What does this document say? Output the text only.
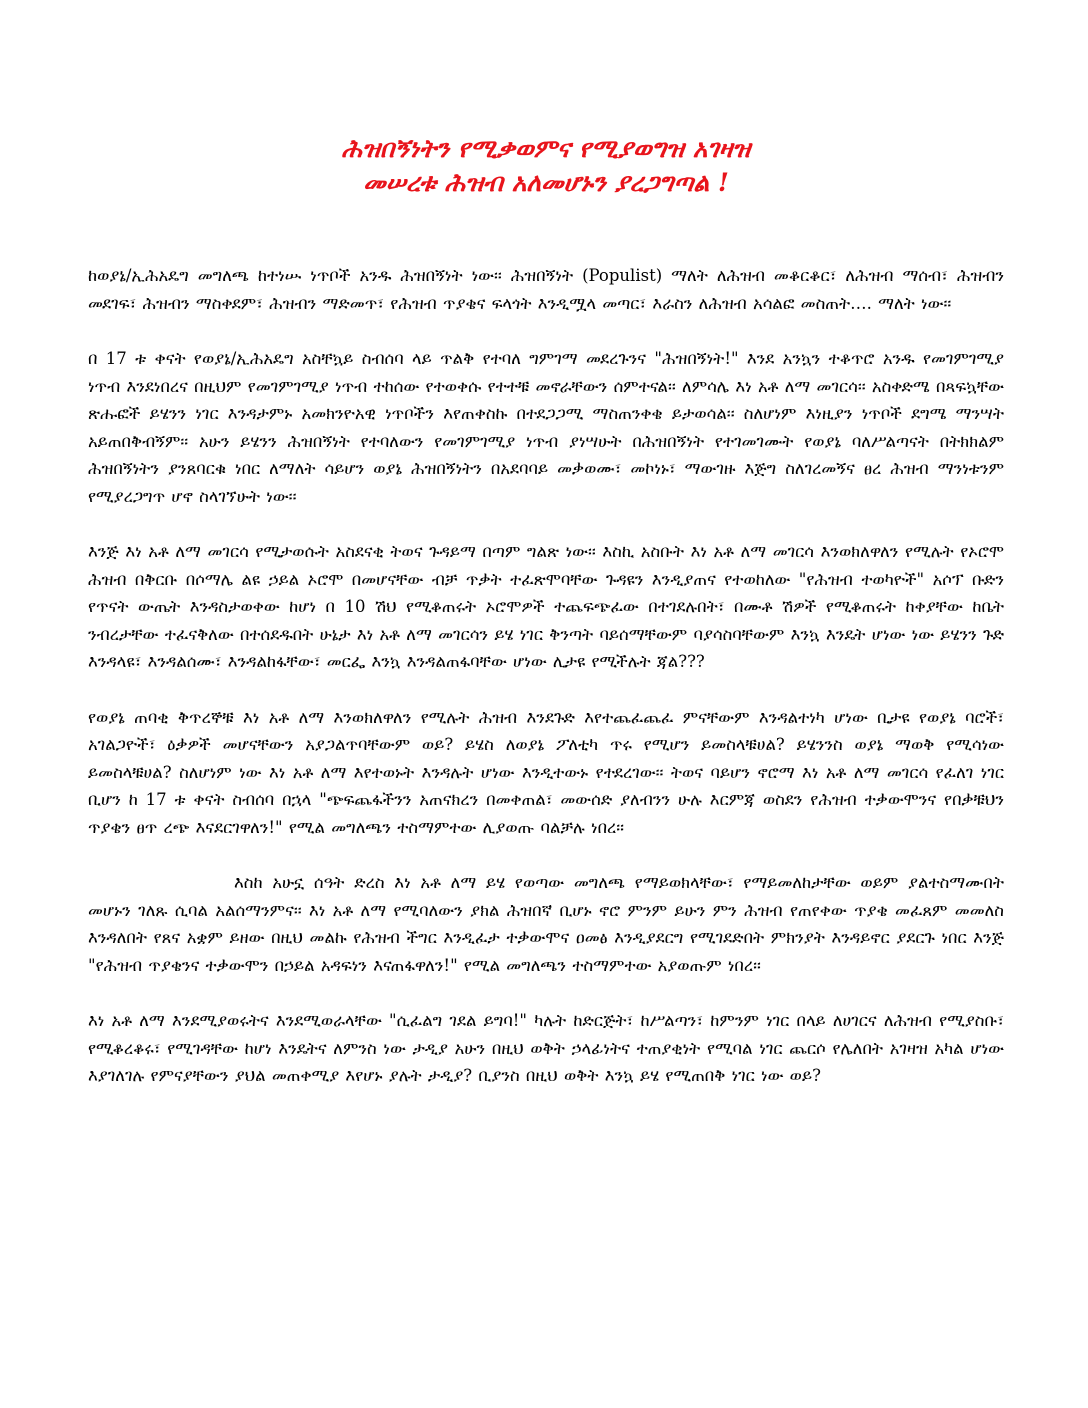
ሕዝበኝነትን የሚቃወምና የሚያወግዝ አገዛዝ
መሠረቱ ሕዝብ አለመሆኑን ያረጋግጣል !

ከወያኔ/ኢሕአዴግ መግለጫ ከተነሡ ነጥቦች አንዱ ሕዝበኝነት ነው፡፡ ሕዝበኝነት (Populist) ማለት ለሕዝብ መቆርቆር፣ ለሕዝብ ማሰብ፣ ሕዝብን መደገፍ፣ ሕዝብን ማስቀደም፣ ሕዝብን ማድመጥ፣ የሕዝብ ጥያቄና ፍላጎት እንዲሟላ መጣር፣ እራስን ለሕዝብ አሳልፎ መስጠት…. ማለት ነው፡፡

በ 17 ቱ ቀናት የወያኔ/ኢሕአዴግ አስቸኳይ ስብሰባ ላይ ጥልቅ የተባለ ግምገማ መደረጉንና "ሕዝበኝነት!" እንደ አንኳን ተቆጥሮ አንዱ የመገምገሚያ ነጥብ እንደነበረና በዚህም የመገምገሚያ ነጥብ ተከሰው የተወቀሱ የተተቹ መኖራቸውን ሰምተናል፡፡ ለምሳሌ እነ አቶ ለማ መገርሳ፡፡ አስቀድሜ በጻፍኳቸው ጽሑፎች ይሄንን ነገር እንዳታምኑ አመክንዮአዊ ነጥቦችን እየጠቀስኩ በተደጋጋሚ ማስጠንቀቄ ይታወሳል፡፡ ስለሆነም እነዚያን ነጥቦች ደግሜ ማንሣት አይጠበቅብኝም፡፡ አሁን ይሄንን ሕዝበኝነት የተባለውን የመገምገሚያ ነጥብ ያነሣሁት በሕዝበኝነት የተገመገሙት የወያኔ ባለሥልጣናት በትክክልም ሕዝበኝነትን ያንጸባርቁ ነበር ለማለት ሳይሆን ወያኔ ሕዝበኝነትን በአደባባይ መቃወሙ፣ መኮነኑ፣ ማውገዙ እጅግ ስለገረመኝና ፀረ ሕዝብ ማንነቱንም የሚያረጋግጥ ሆኖ ስላገኘሁት ነው፡፡

እንጅ እነ አቶ ለማ መገርሳ የሚታወሱት አስደናቂ ትወና ጉዳይማ በጣም ግልጽ ነው፡፡ እስኪ አስቡት እነ አቶ ለማ መገርሳ እንወክለዋለን የሚሉት የኦሮሞ ሕዝብ በቅርቡ በሶማሌ ልዩ ኃይል ኦሮሞ በመሆናቸው ብቻ ጥቃት ተፈጽሞባቸው ጉዳዩን እንዲያጠና የተወከለው "የሕዝብ ተወካዮች" አሶፕ ቡድን የጥናት ውጤት እንዳስታወቀው ከሆነ በ 10 ሽህ የሚቆጠሩት ኦሮሞዎች ተጨፍጭፈው በተገደሉበት፣ በሙቶ ሽዎች የሚቆጠሩት ከቀያቸው ከቤት ንብረታቸው ተፈናቅለው በተሰደዱበት ሁኔታ እነ አቶ ለማ መገርሳን ይሄ ነገር ቅንጣት ባይሰማቸውም ባያሳስባቸውም እንኳ እንዴት ሆነው ነው ይሄንን ጉድ እንዳላዩ፣ እንዳልሰሙ፣ እንዳልከፋቸው፣ መርፌ እንኳ እንዳልጠፋባቸው ሆነው ሊታዩ የሚችሉት ጃል???

የወያኔ ጠባቂ ቅጥረኞቹ እነ አቶ ለማ እንወክለዋለን የሚሉት ሕዝብ እንደጉድ እየተጨፈጨፈ ምናቸውም እንዳልተነካ ሆነው ቢታዩ የወያኔ ባሮች፣ አገልጋዮች፣ ዕቃዎች መሆናቸውን አያጋልጥባቸውም ወይ? ይሄስ ለወያኔ ፖለቲካ ጥሩ የሚሆን ይመስላቹሀል? ይሄንንስ ወያኔ ማወቅ የሚሳነው ይመስላቹሀል? ስለሆነም ነው እነ አቶ ለማ እየተወኑት እንዳሉት ሆነው እንዲተውኑ የተደረገው፡፡ ትወና ባይሆን ኖሮማ እነ አቶ ለማ መገርሳ የፈለገ ነገር ቢሆን ከ 17 ቱ ቀናት ስብሰባ በኋላ "ጭፍጨፋችንን አጠናክረን በመቀጠል፣ መውሰድ ያለብንን ሁሉ እርምጃ ወስደን የሕዝብ ተቃውሞንና የበቃቹህን ጥያቄን ፀጥ ረጭ እናደርገዋለን!" የሚል መግለጫን ተስማምተው ሊያወጡ ባልቻሉ ነበረ፡፡

እስከ አሁኗ ሰዓት ድረስ እነ አቶ ለማ ይሄ የወጣው መግለጫ የማይወክላቸው፣ የማይመለከታቸው ወይም ያልተስማሙበት መሆኑን ገለጹ ሲባል አልሰማንምና፡፡ እነ አቶ ለማ የሚባለውን ያክል ሕዝበኛ ቢሆኑ ኖሮ ምንም ይሁን ምን ሕዝብ የጠየቀው ጥያቄ መፈጸም መመለስ እንዳለበት የጸና አቋም ይዘው በዚህ መልኩ የሕዝብ ችግር እንዲፈታ ተቃውሞና ዐመፅ እንዲያደርግ የሚገደድበት ምክንያት እንዳይኖር ያደርጉ ነበር እንጅ "የሕዝብ ጥያቄንና ተቃውሞን በኃይል አዳፍነን እናጠፋዋለን!" የሚል መግለጫን ተስማምተው አያወጡም ነበረ፡፡

እነ አቶ ለማ እንደሚያወሩትና እንደሚወራላቸው "ሲፈልግ ገደል ይግባ!" ካሉት ከድርጅት፣ ከሥልጣን፣ ከምንም ነገር በላይ ለሀገርና ለሕዝብ የሚያስቡ፣ የሚቆረቆሩ፣ የሚገዳቸው ከሆነ እንዴትና ለምንስ ነው ታዲያ አሁን በዚህ ወቅት ኃላፊነትና ተጠያቂነት የሚባል ነገር ጨርሶ የሌለበት አገዛዝ አካል ሆነው እያገለገሉ የምናያቸውን ያህል መጠቀሚያ እየሆኑ ያሉት ታዲያ? ቢያንስ በዚህ ወቅት እንኳ ይሄ የሚጠበቅ ነገር ነው ወይ?
